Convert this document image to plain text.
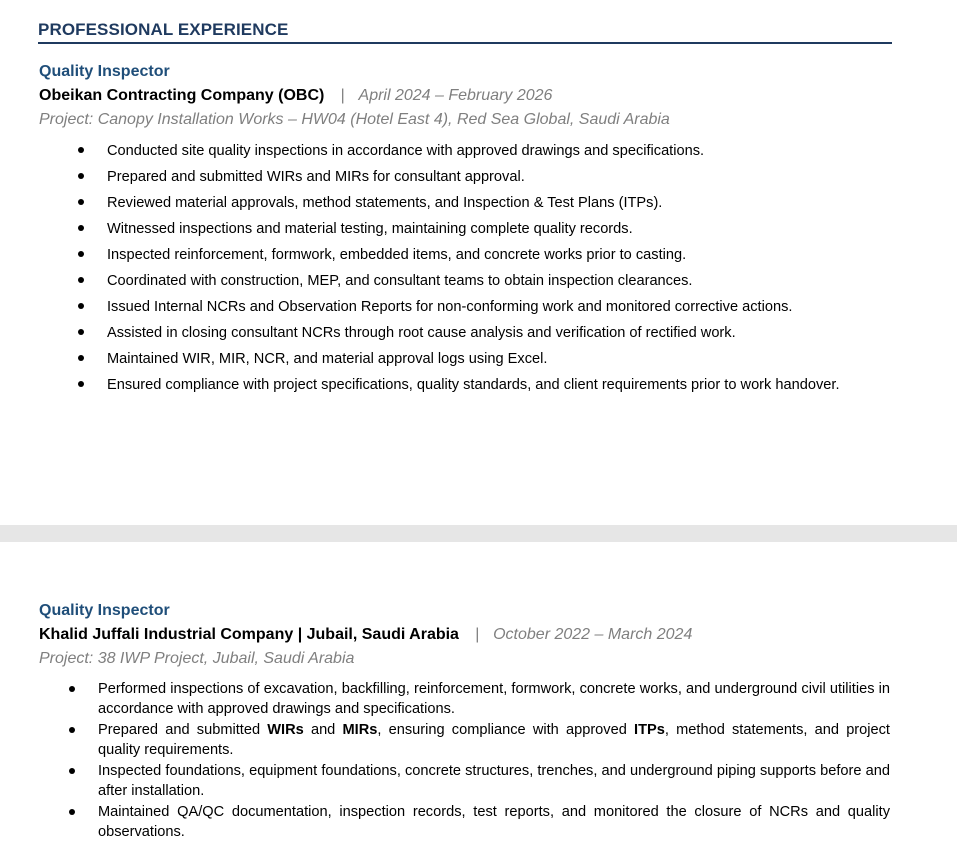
PROFESSIONAL EXPERIENCE
Quality Inspector
Obeikan Contracting Company (OBC) | April 2024 – February 2026
Project: Canopy Installation Works – HW04 (Hotel East 4), Red Sea Global, Saudi Arabia
Conducted site quality inspections in accordance with approved drawings and specifications.
Prepared and submitted WIRs and MIRs for consultant approval.
Reviewed material approvals, method statements, and Inspection & Test Plans (ITPs).
Witnessed inspections and material testing, maintaining complete quality records.
Inspected reinforcement, formwork, embedded items, and concrete works prior to casting.
Coordinated with construction, MEP, and consultant teams to obtain inspection clearances.
Issued Internal NCRs and Observation Reports for non-conforming work and monitored corrective actions.
Assisted in closing consultant NCRs through root cause analysis and verification of rectified work.
Maintained WIR, MIR, NCR, and material approval logs using Excel.
Ensured compliance with project specifications, quality standards, and client requirements prior to work handover.
Quality Inspector
Khalid Juffali Industrial Company | Jubail, Saudi Arabia | October 2022 – March 2024
Project: 38 IWP Project, Jubail, Saudi Arabia
Performed inspections of excavation, backfilling, reinforcement, formwork, concrete works, and underground civil utilities in accordance with approved drawings and specifications.
Prepared and submitted WIRs and MIRs, ensuring compliance with approved ITPs, method statements, and project quality requirements.
Inspected foundations, equipment foundations, concrete structures, trenches, and underground piping supports before and after installation.
Maintained QA/QC documentation, inspection records, test reports, and monitored the closure of NCRs and quality observations.
